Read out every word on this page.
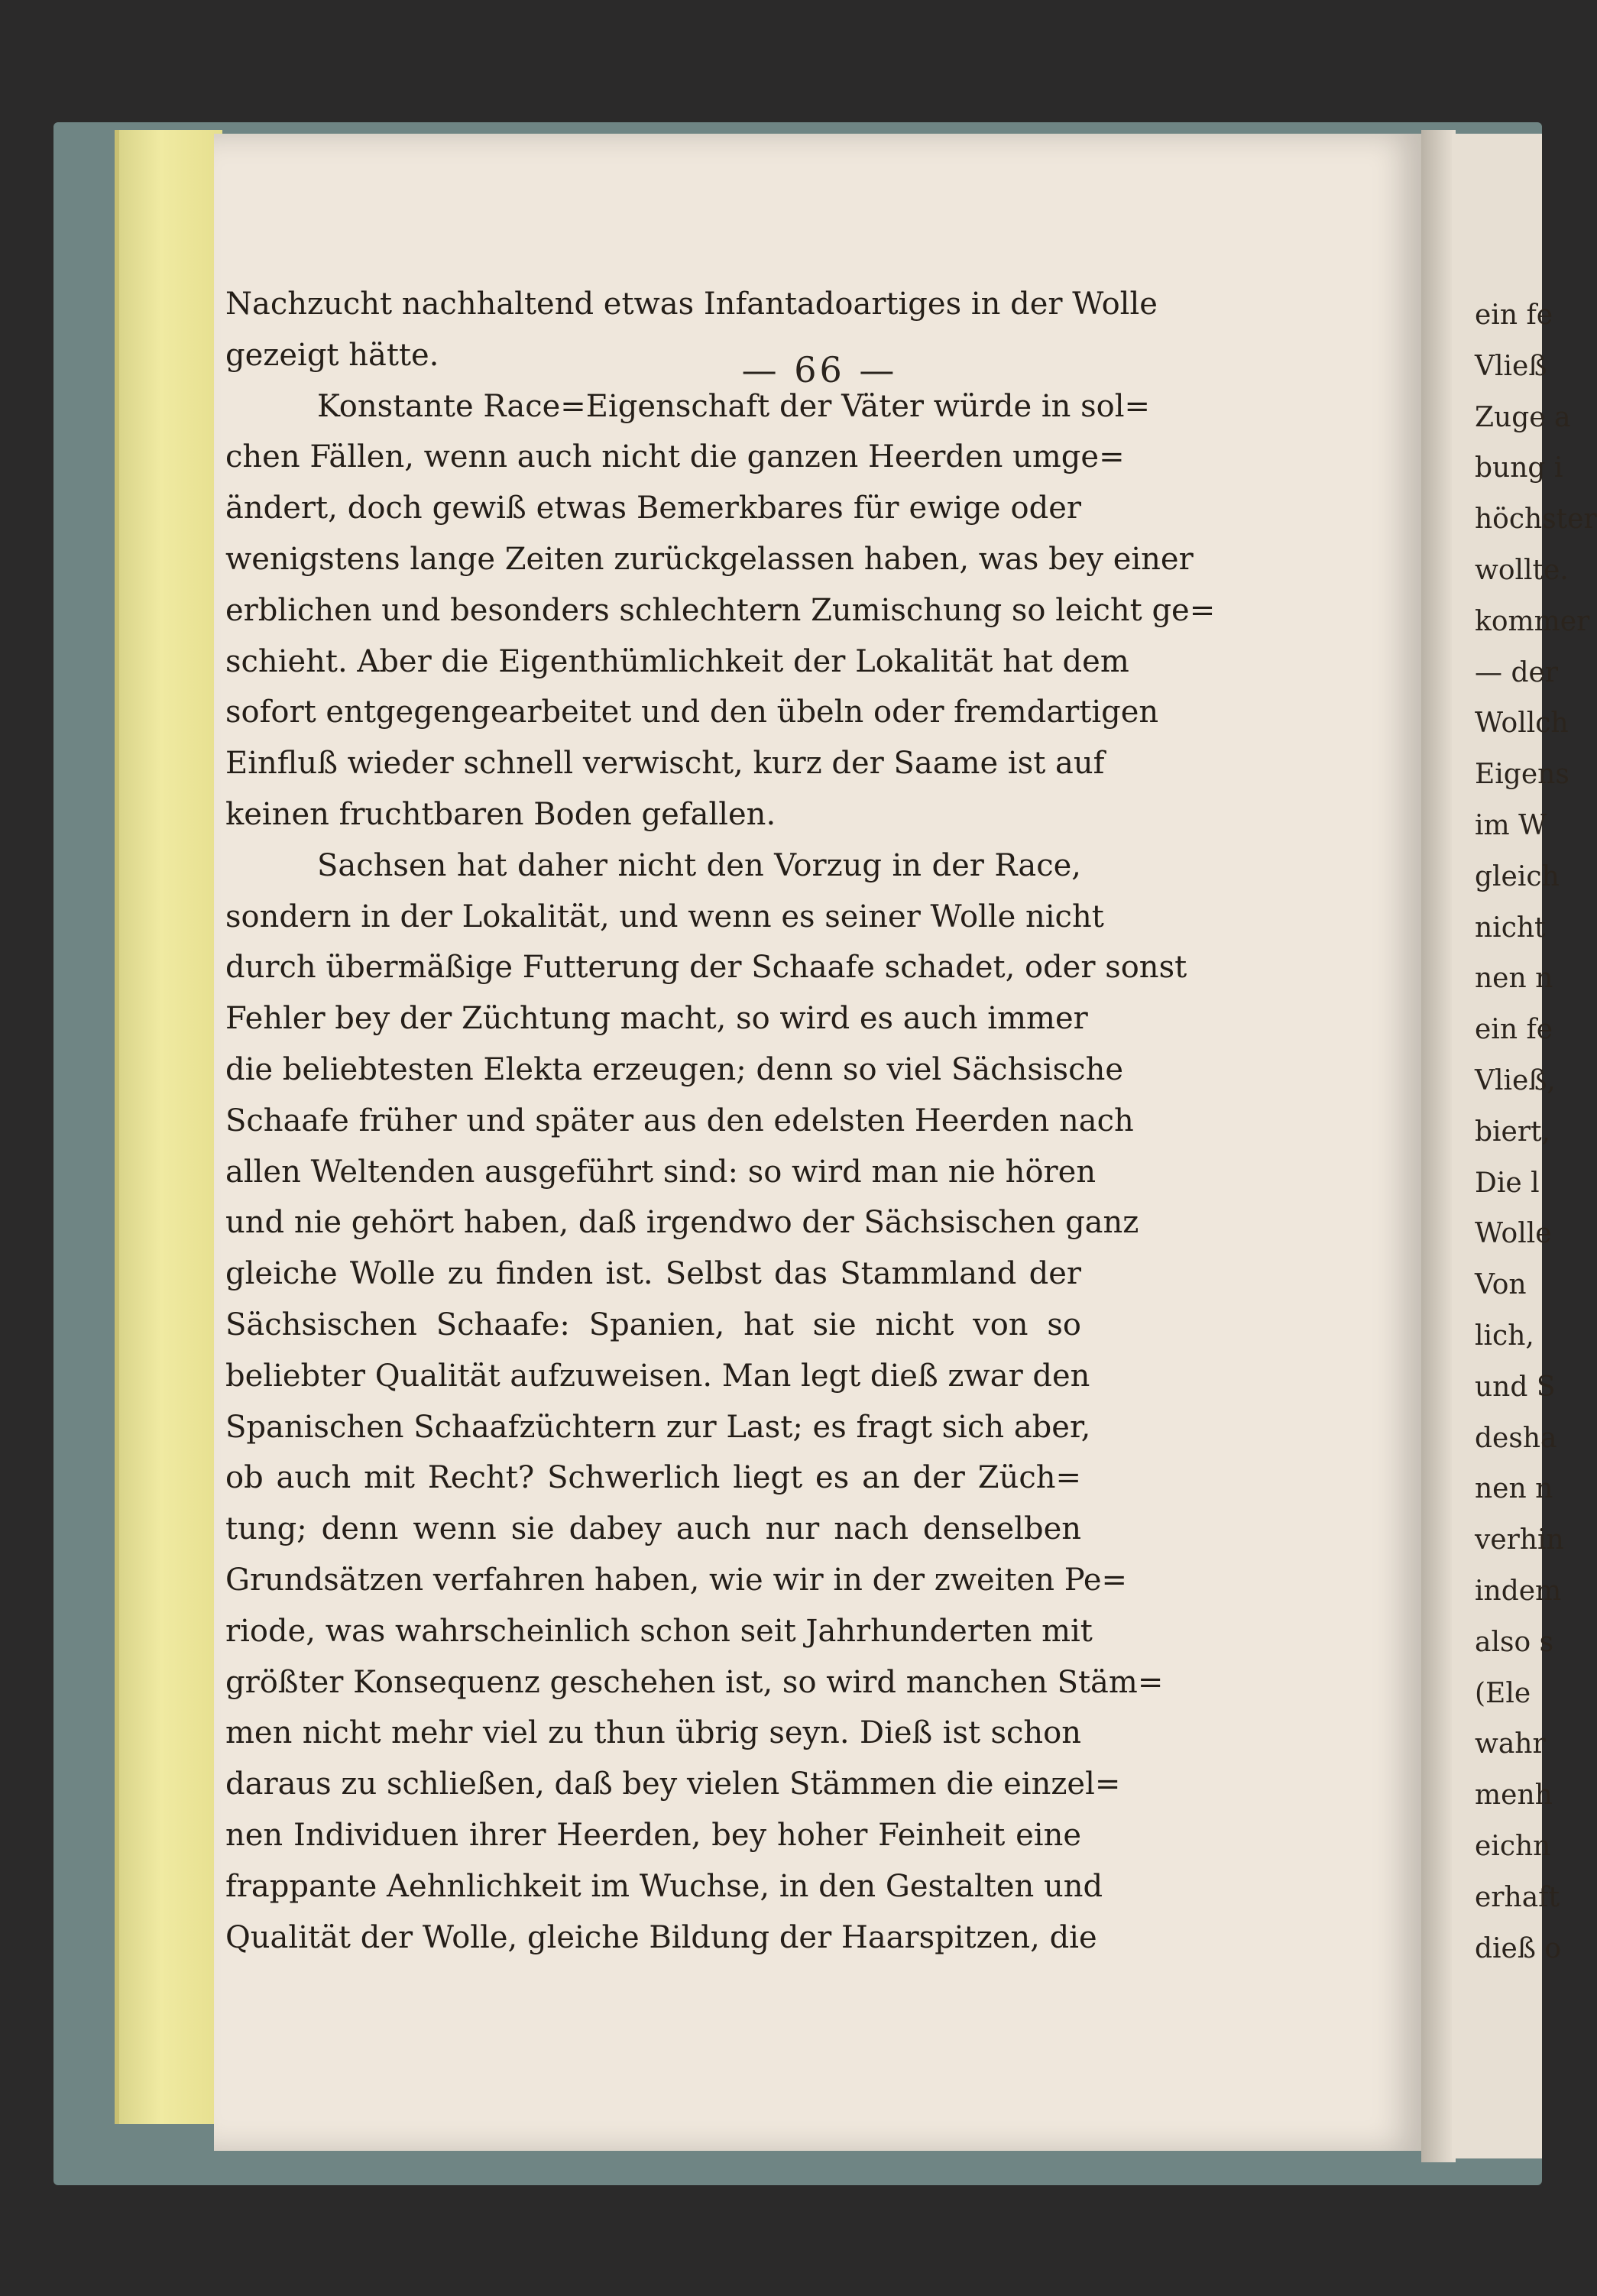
— 66 —
Nachzucht nachhaltend etwas Infantadoartiges in der Wolle
gezeigt hätte.
Konstante Race=Eigenschaft der Väter würde in sol=
chen Fällen, wenn auch nicht die ganzen Heerden umge=
ändert, doch gewiß etwas Bemerkbares für ewige oder
wenigstens lange Zeiten zurückgelassen haben, was bey einer
erblichen und besonders schlechtern Zumischung so leicht ge=
schieht. Aber die Eigenthümlichkeit der Lokalität hat dem
sofort entgegengearbeitet und den übeln oder fremdartigen
Einfluß wieder schnell verwischt, kurz der Saame ist auf
keinen fruchtbaren Boden gefallen.
Sachsen hat daher nicht den Vorzug in der Race,
sondern in der Lokalität, und wenn es seiner Wolle nicht
durch übermäßige Futterung der Schaafe schadet, oder sonst
Fehler bey der Züchtung macht, so wird es auch immer
die beliebtesten Elekta erzeugen; denn so viel Sächsische
Schaafe früher und später aus den edelsten Heerden nach
allen Weltenden ausgeführt sind: so wird man nie hören
und nie gehört haben, daß irgendwo der Sächsischen ganz
gleiche Wolle zu finden ist. Selbst das Stammland der
Sächsischen Schaafe: Spanien, hat sie nicht von so
beliebter Qualität aufzuweisen. Man legt dieß zwar den
Spanischen Schaafzüchtern zur Last; es fragt sich aber,
ob auch mit Recht? Schwerlich liegt es an der Züch=
tung; denn wenn sie dabey auch nur nach denselben
Grundsätzen verfahren haben, wie wir in der zweiten Pe=
riode, was wahrscheinlich schon seit Jahrhunderten mit
größter Konsequenz geschehen ist, so wird manchen Stäm=
men nicht mehr viel zu thun übrig seyn. Dieß ist schon
daraus zu schließen, daß bey vielen Stämmen die einzel=
nen Individuen ihrer Heerden, bey hoher Feinheit eine
frappante Aehnlichkeit im Wuchse, in den Gestalten und
Qualität der Wolle, gleiche Bildung der Haarspitzen, die
ein fe
Vließ
Zuge a
bung i
höchster
wollte.
kommer
— der
Wollch
Eigens
im W
gleich
nicht
nen n
ein fe
Vließ,
biert,
Die l
Wolle
Von
lich,
und S
desha
nen n
verhin
indem
also s
(Ele
wahr
menh
eichn
erhaft
dieß o
